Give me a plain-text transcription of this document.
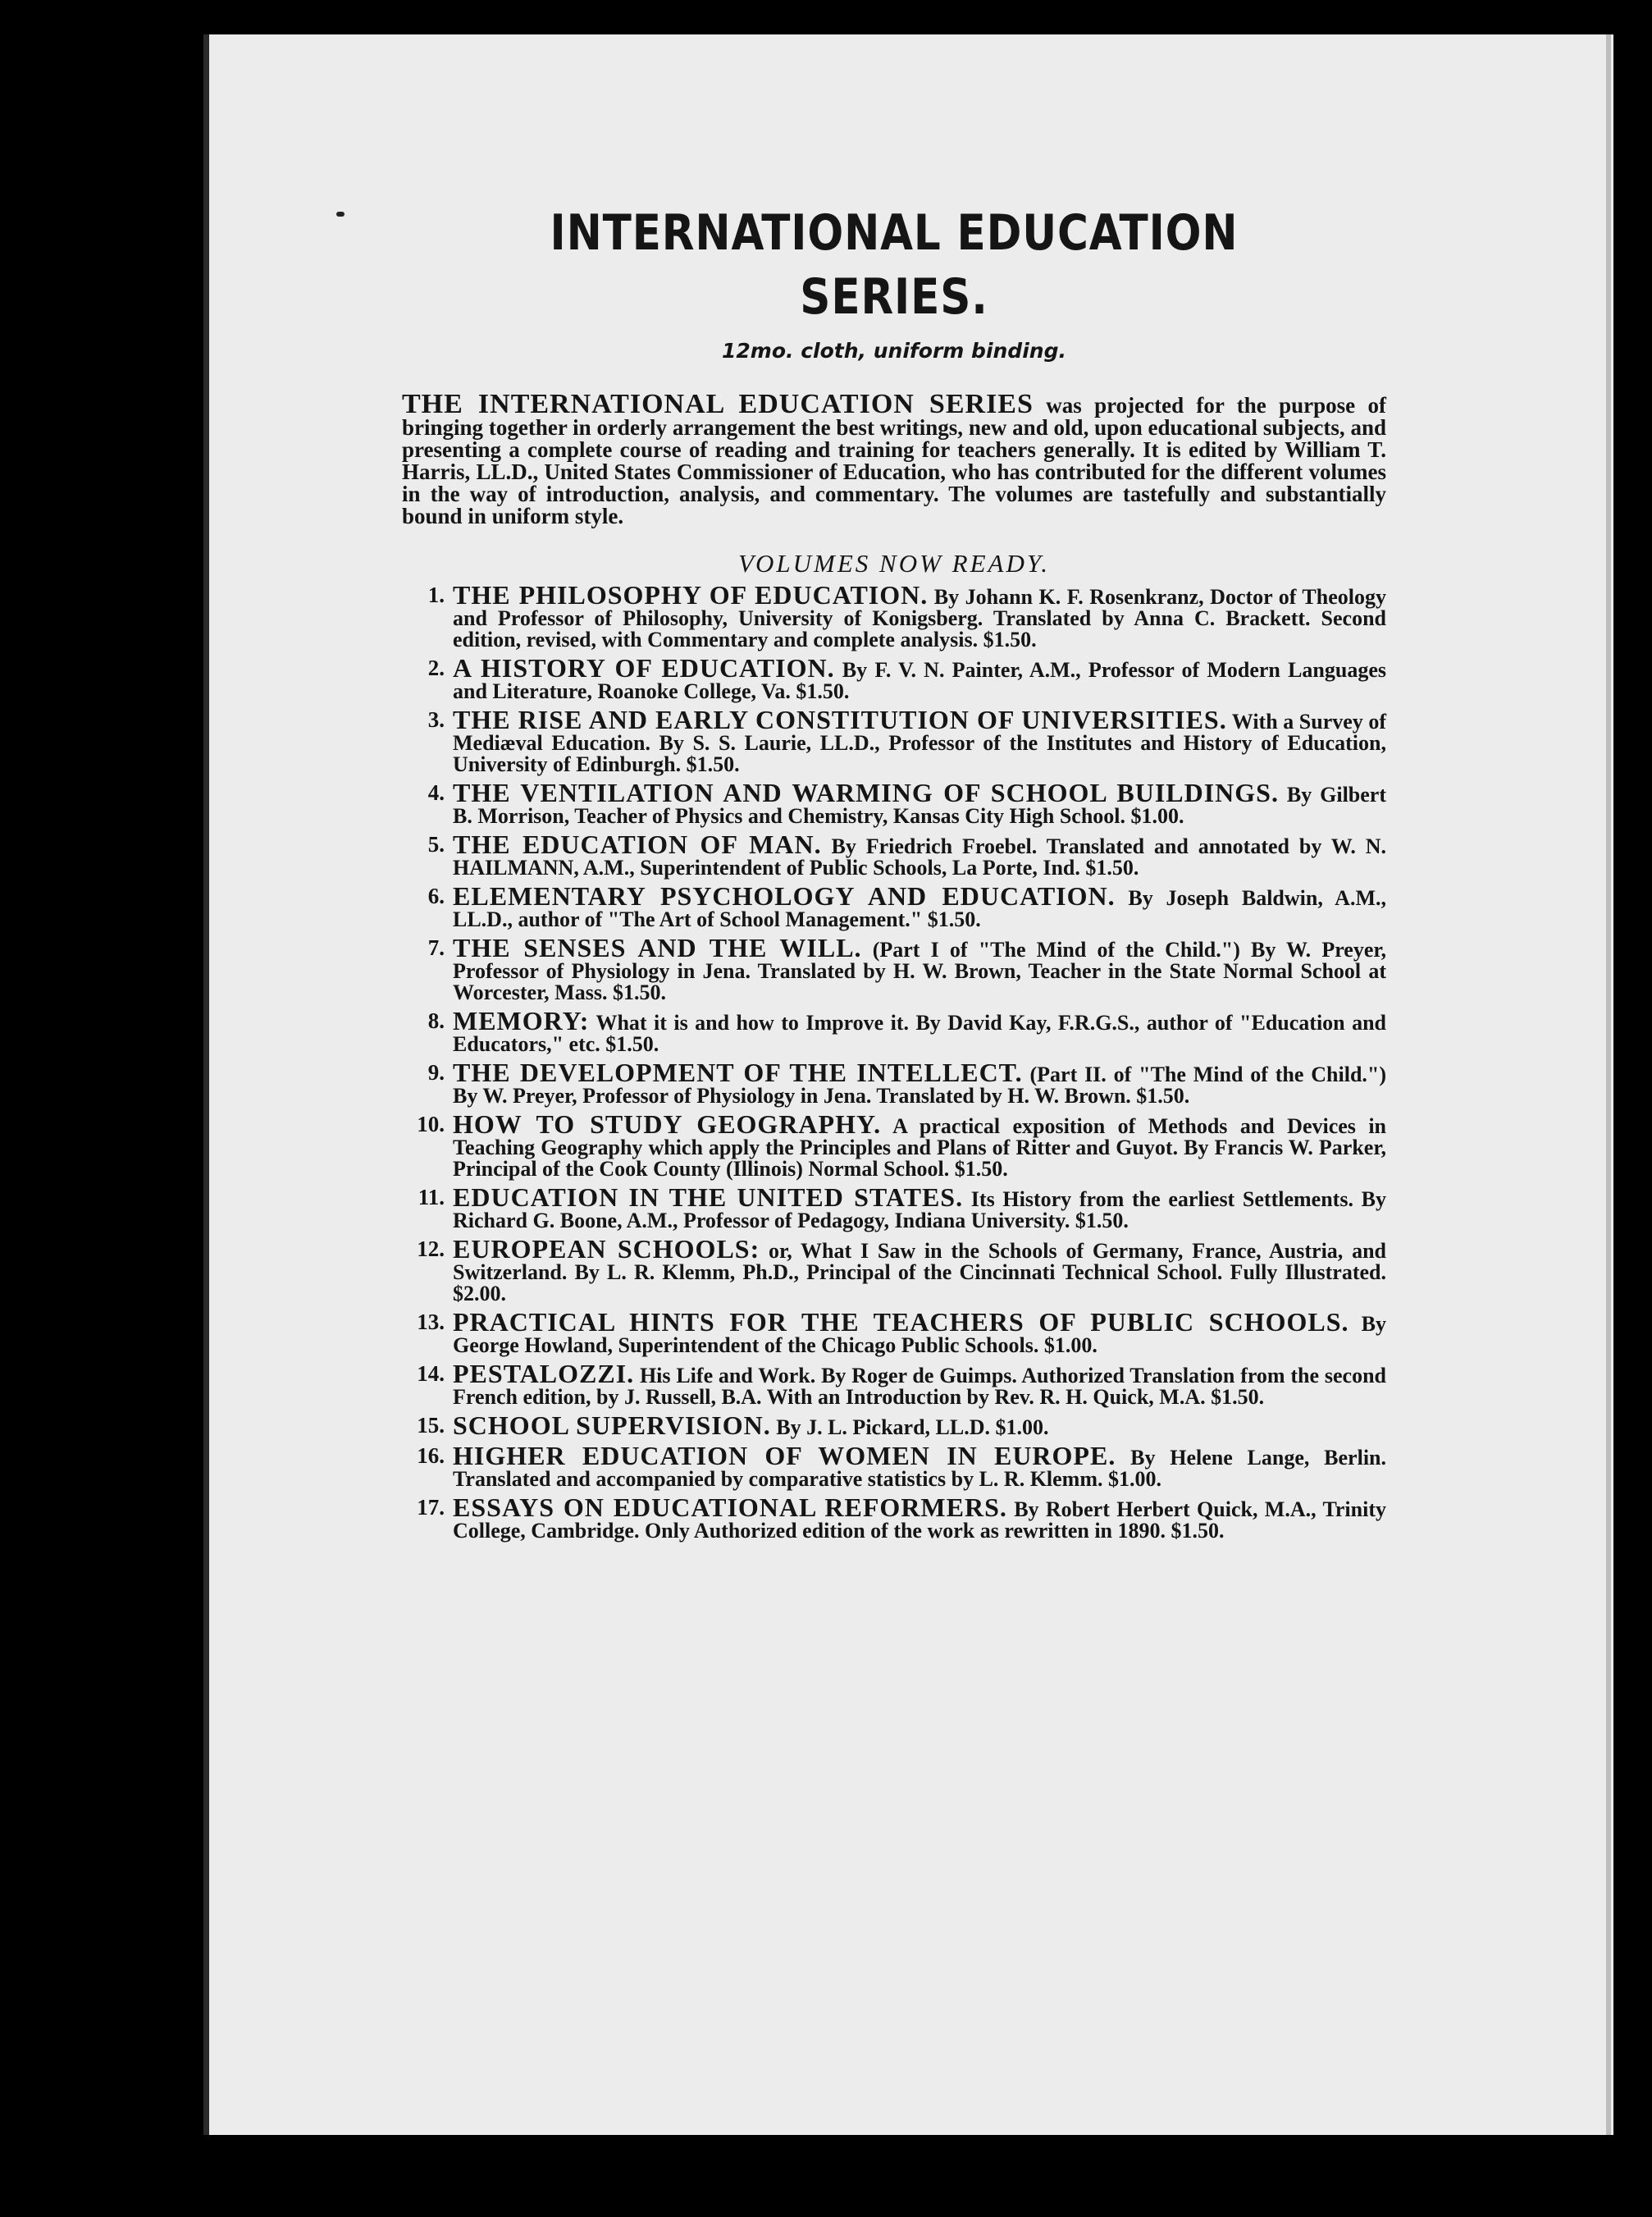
INTERNATIONAL EDUCATION SERIES.
12mo. cloth, uniform binding.

THE INTERNATIONAL EDUCATION SERIES was projected for the purpose of bringing together in orderly arrangement the best writings, new and old, upon educational subjects, and presenting a complete course of reading and training for teachers generally. It is edited by William T. Harris, LL.D., United States Commissioner of Education, who has contributed for the different volumes in the way of introduction, analysis, and commentary. The volumes are tastefully and substantially bound in uniform style.

VOLUMES NOW READY.
1. THE PHILOSOPHY OF EDUCATION. By Johann K. F. Rosenkranz, Doctor of Theology and Professor of Philosophy, University of Konigsberg. Translated by Anna C. Brackett. Second edition, revised, with Commentary and complete analysis. $1.50.
2. A HISTORY OF EDUCATION. By F. V. N. Painter, A.M., Professor of Modern Languages and Literature, Roanoke College, Va. $1.50.
3. THE RISE AND EARLY CONSTITUTION OF UNIVERSITIES. With a Survey of Mediæval Education. By S. S. Laurie, LL.D., Professor of the Institutes and History of Education, University of Edinburgh. $1.50.
4. THE VENTILATION AND WARMING OF SCHOOL BUILDINGS. By Gilbert B. Morrison, Teacher of Physics and Chemistry, Kansas City High School. $1.00.
5. THE EDUCATION OF MAN. By Friedrich Froebel. Translated and annotated by W. N. HAILMANN, A.M., Superintendent of Public Schools, La Porte, Ind. $1.50.
6. ELEMENTARY PSYCHOLOGY AND EDUCATION. By Joseph Baldwin, A.M., LL.D., author of "The Art of School Management." $1.50.
7. THE SENSES AND THE WILL. (Part I of "The Mind of the Child.") By W. Preyer, Professor of Physiology in Jena. Translated by H. W. Brown, Teacher in the State Normal School at Worcester, Mass. $1.50.
8. MEMORY: What it is and how to Improve it. By David Kay, F.R.G.S., author of "Education and Educators," etc. $1.50.
9. THE DEVELOPMENT OF THE INTELLECT. (Part II. of "The Mind of the Child.") By W. Preyer, Professor of Physiology in Jena. Translated by H. W. Brown. $1.50.
10. HOW TO STUDY GEOGRAPHY. A practical exposition of Methods and Devices in Teaching Geography which apply the Principles and Plans of Ritter and Guyot. By Francis W. Parker, Principal of the Cook County (Illinois) Normal School. $1.50.
11. EDUCATION IN THE UNITED STATES. Its History from the earliest Settlements. By Richard G. Boone, A.M., Professor of Pedagogy, Indiana University. $1.50.
12. EUROPEAN SCHOOLS: or, What I Saw in the Schools of Germany, France, Austria, and Switzerland. By L. R. Klemm, Ph.D., Principal of the Cincinnati Technical School. Fully Illustrated. $2.00.
13. PRACTICAL HINTS FOR THE TEACHERS OF PUBLIC SCHOOLS. By George Howland, Superintendent of the Chicago Public Schools. $1.00.
14. PESTALOZZI. His Life and Work. By Roger de Guimps. Authorized Translation from the second French edition, by J. Russell, B.A. With an Introduction by Rev. R. H. Quick, M.A. $1.50.
15. SCHOOL SUPERVISION. By J. L. Pickard, LL.D. $1.00.
16. HIGHER EDUCATION OF WOMEN IN EUROPE. By Helene Lange, Berlin. Translated and accompanied by comparative statistics by L. R. Klemm. $1.00.
17. ESSAYS ON EDUCATIONAL REFORMERS. By Robert Herbert Quick, M.A., Trinity College, Cambridge. Only Authorized edition of the work as rewritten in 1890. $1.50.
